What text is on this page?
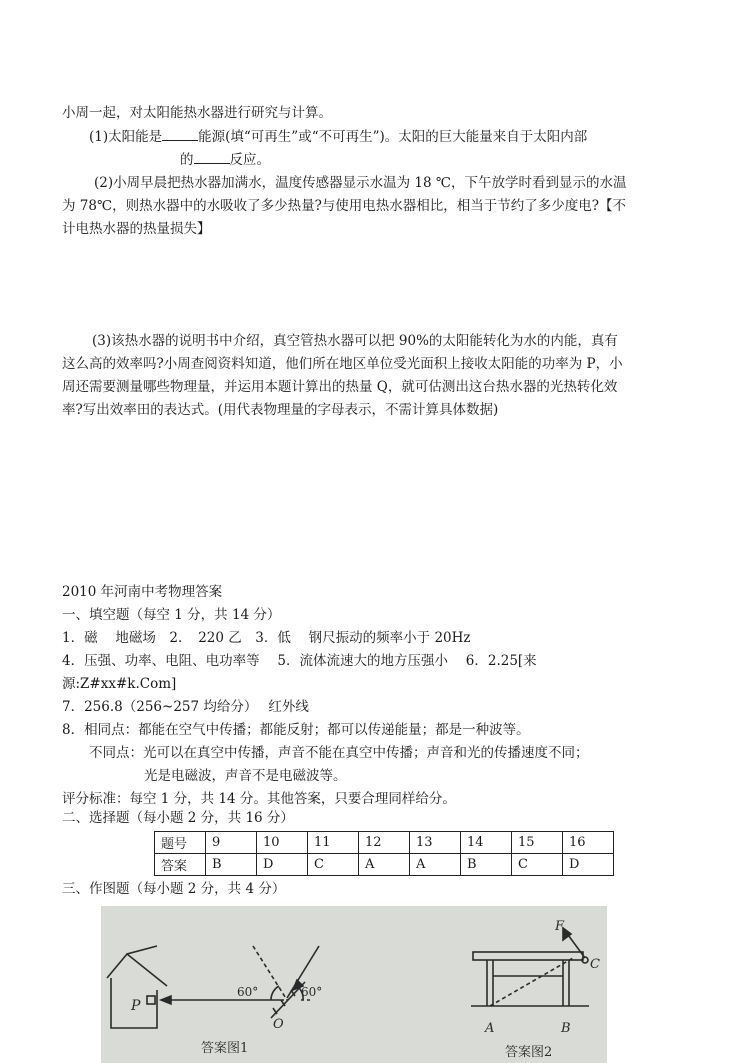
小周一起，对太阳能热水器进行研究与计算。
(1)太阳能是	能源(填“可再生”或“不可再生”)。太阳的巨大能量来自于太阳内部
的	反应。
(2)小周早晨把热水器加满水，温度传感器显示水温为 18 ℃，下午放学时看到显示的水温
为 78℃，则热水器中的水吸收了多少热量?与使用电热水器相比，相当于节约了多少度电?【不
计电热水器的热量损失】
(3)该热水器的说明书中介绍，真空管热水器可以把 90%的太阳能转化为水的内能，真有
这么高的效率吗?小周查阅资料知道，他们所在地区单位受光面积上接收太阳能的功率为 P，小
周还需要测量哪些物理量，并运用本题计算出的热量 Q，就可估测出这台热水器的光热转化效
率?写出效率田的表达式。(用代表物理量的字母表示，不需计算具体数据)
2010 年河南中考物理答案
一、填空题（每空 1 分，共 14 分）
1．磁　 地磁场　2．　220 乙　3．低　 钢尺振动的频率小于 20Hz
4．压强、功率、电阻、电功率等　 5．流体流速大的地方压强小　 6．2.25[来
源:Z#xx#k.Com]
7．256.8（256~257 均给分）　 红外线
8．相同点：都能在空气中传播；都能反射；都可以传递能量；都是一种波等。
不同点：光可以在真空中传播，声音不能在真空中传播；声音和光的传播速度不同；
光是电磁波，声音不是电磁波等。
评分标准：每空 1 分，共 14 分。其他答案，只要合理同样给分。
二、选择题（每小题 2 分，共 16 分）
题号	9	10	11	12	13	14	15	16
答案	B	D	C	A	A	B	C	D
三、作图题（每小题 2 分，共 4 分）
P
O
60°	60°
答案图1
F
C
A	B
答案图2
